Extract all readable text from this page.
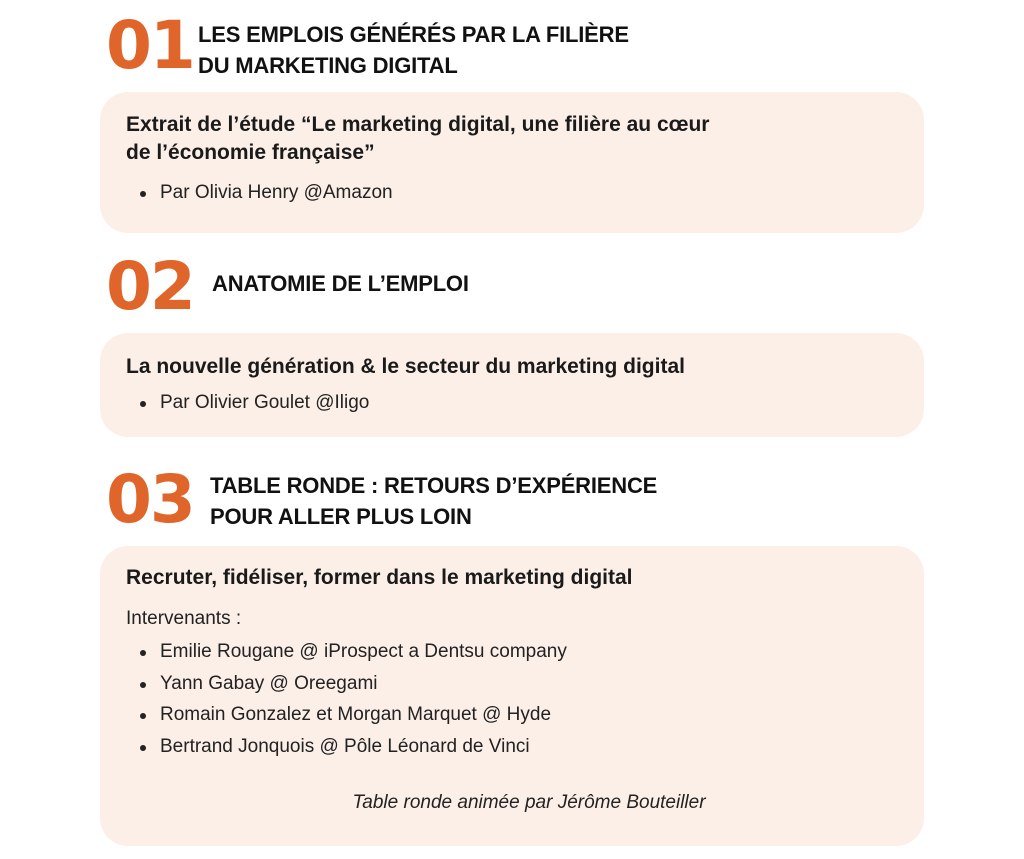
01 LES EMPLOIS GÉNÉRÉS PAR LA FILIÈRE
DU MARKETING DIGITAL
Extrait de l’étude “Le marketing digital, une filière au cœur
de l’économie française”
Par Olivia Henry @Amazon
02 ANATOMIE DE L’EMPLOI
La nouvelle génération & le secteur du marketing digital
Par Olivier Goulet @Iligo
03 TABLE RONDE : RETOURS D’EXPÉRIENCE
POUR ALLER PLUS LOIN
Recruter, fidéliser, former dans le marketing digital
Intervenants :
Emilie Rougane @ iProspect a Dentsu company
Yann Gabay @ Oreegami
Romain Gonzalez et Morgan Marquet @ Hyde
Bertrand Jonquois @ Pôle Léonard de Vinci
Table ronde animée par Jérôme Bouteiller
